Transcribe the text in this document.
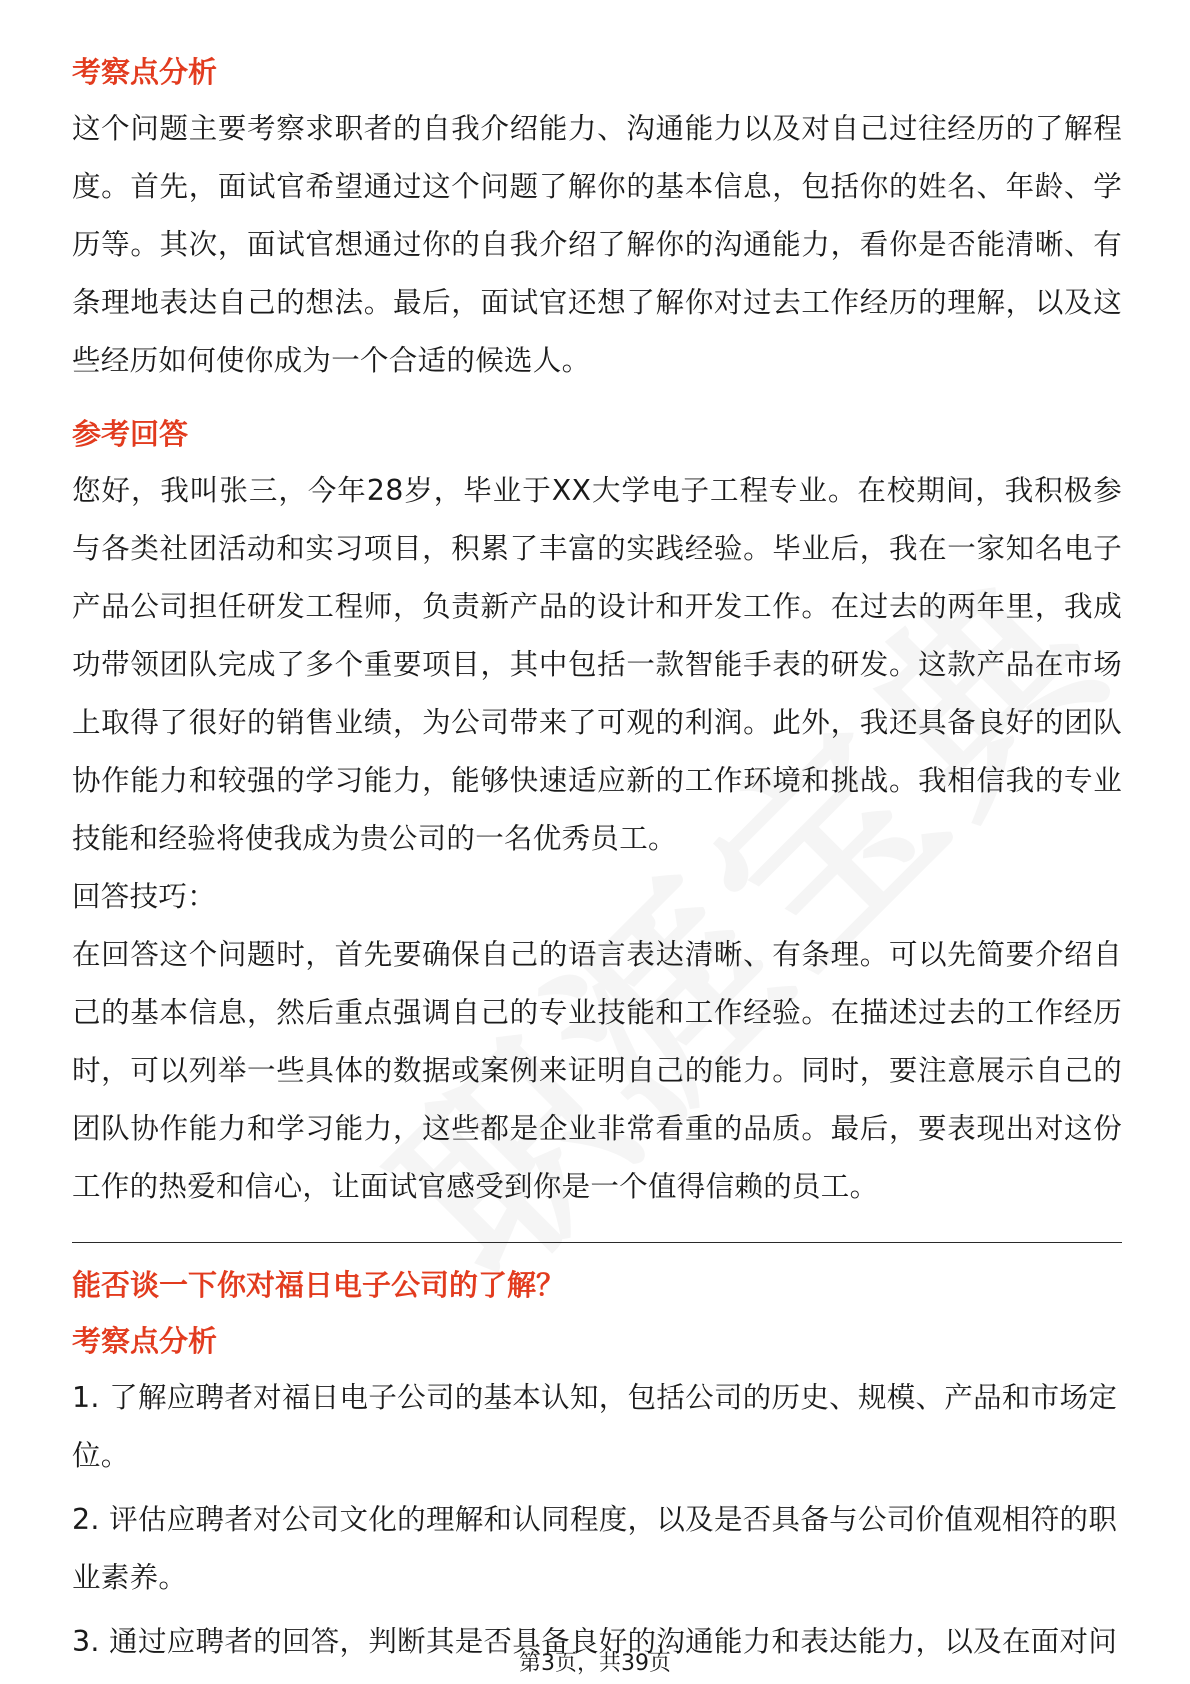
考察点分析

这个问题主要考察求职者的自我介绍能力、沟通能力以及对自己过往经历的了解程度。首先，面试官希望通过这个问题了解你的基本信息，包括你的姓名、年龄、学历等。其次，面试官想通过你的自我介绍了解你的沟通能力，看你是否能清晰、有条理地表达自己的想法。最后，面试官还想了解你对过去工作经历的理解，以及这些经历如何使你成为一个合适的候选人。

参考回答

您好，我叫张三，今年28岁，毕业于XX大学电子工程专业。在校期间，我积极参与各类社团活动和实习项目，积累了丰富的实践经验。毕业后，我在一家知名电子产品公司担任研发工程师，负责新产品的设计和开发工作。在过去的两年里，我成功带领团队完成了多个重要项目，其中包括一款智能手表的研发。这款产品在市场上取得了很好的销售业绩，为公司带来了可观的利润。此外，我还具备良好的团队协作能力和较强的学习能力，能够快速适应新的工作环境和挑战。我相信我的专业技能和经验将使我成为贵公司的一名优秀员工。

回答技巧：

在回答这个问题时，首先要确保自己的语言表达清晰、有条理。可以先简要介绍自己的基本信息，然后重点强调自己的专业技能和工作经验。在描述过去的工作经历时，可以列举一些具体的数据或案例来证明自己的能力。同时，要注意展示自己的团队协作能力和学习能力，这些都是企业非常看重的品质。最后，要表现出对这份工作的热爱和信心，让面试官感受到你是一个值得信赖的员工。

能否谈一下你对福日电子公司的了解？

考察点分析

1. 了解应聘者对福日电子公司的基本认知，包括公司的历史、规模、产品和市场定位。

2. 评估应聘者对公司文化的理解和认同程度，以及是否具备与公司价值观相符的职业素养。

3. 通过应聘者的回答，判断其是否具备良好的沟通能力和表达能力，以及在面对问

第3页，共39页
